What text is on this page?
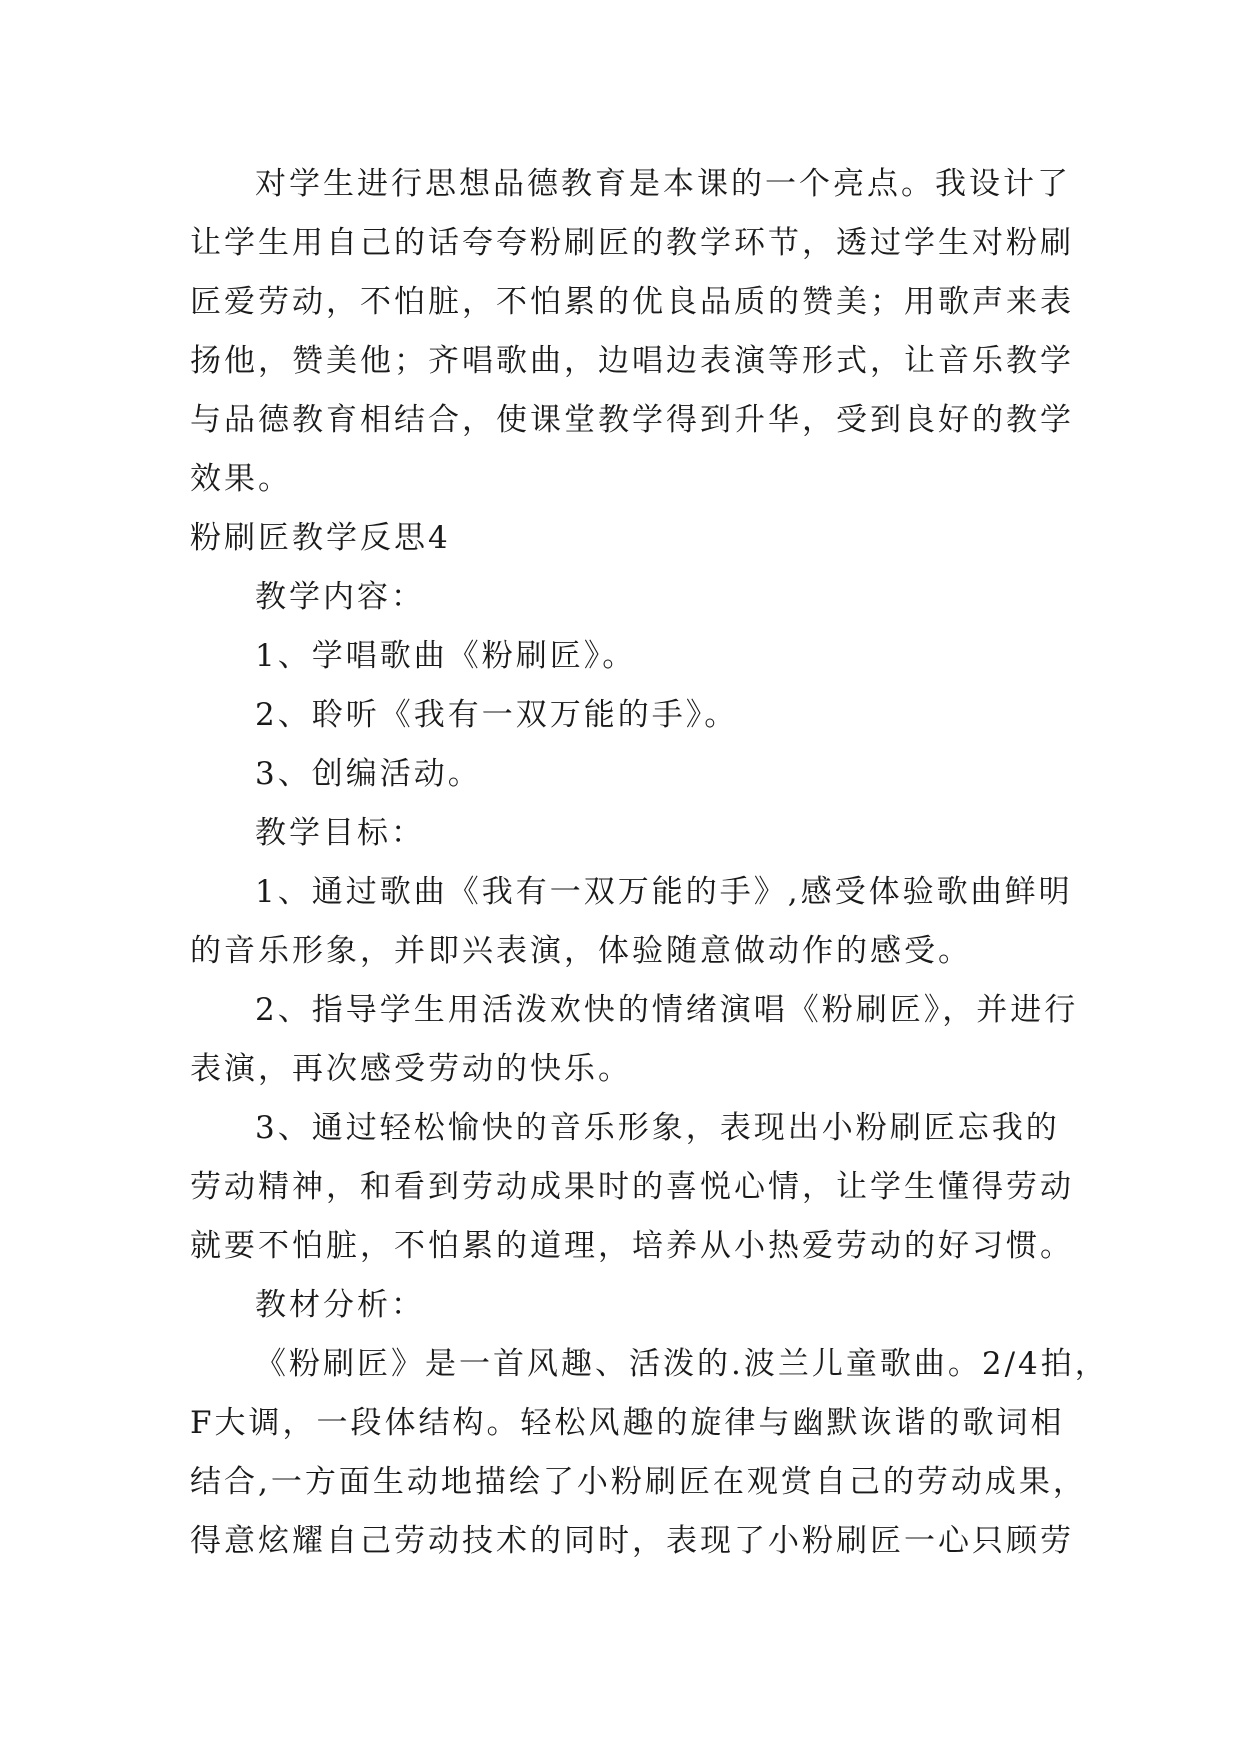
对学生进行思想品德教育是本课的一个亮点。我设计了

让学生用自己的话夸夸粉刷匠的教学环节，透过学生对粉刷

匠爱劳动，不怕脏，不怕累的优良品质的赞美；用歌声来表

扬他，赞美他；齐唱歌曲，边唱边表演等形式，让音乐教学

与品德教育相结合，使课堂教学得到升华，受到良好的教学

效果。

粉刷匠教学反思4

教学内容：

1、学唱歌曲《粉刷匠》。

2、聆听《我有一双万能的手》。

3、创编活动。

教学目标：

1、通过歌曲《我有一双万能的手》,感受体验歌曲鲜明

的音乐形象，并即兴表演，体验随意做动作的感受。

2、指导学生用活泼欢快的情绪演唱《粉刷匠》，并进行

表演，再次感受劳动的快乐。

3、通过轻松愉快的音乐形象，表现出小粉刷匠忘我的

劳动精神，和看到劳动成果时的喜悦心情，让学生懂得劳动

就要不怕脏，不怕累的道理，培养从小热爱劳动的好习惯。

教材分析：

《粉刷匠》是一首风趣、活泼的.波兰儿童歌曲。2/4拍，

F大调，一段体结构。轻松风趣的旋律与幽默诙谐的歌词相

结合,一方面生动地描绘了小粉刷匠在观赏自己的劳动成果，

得意炫耀自己劳动技术的同时，表现了小粉刷匠一心只顾劳
